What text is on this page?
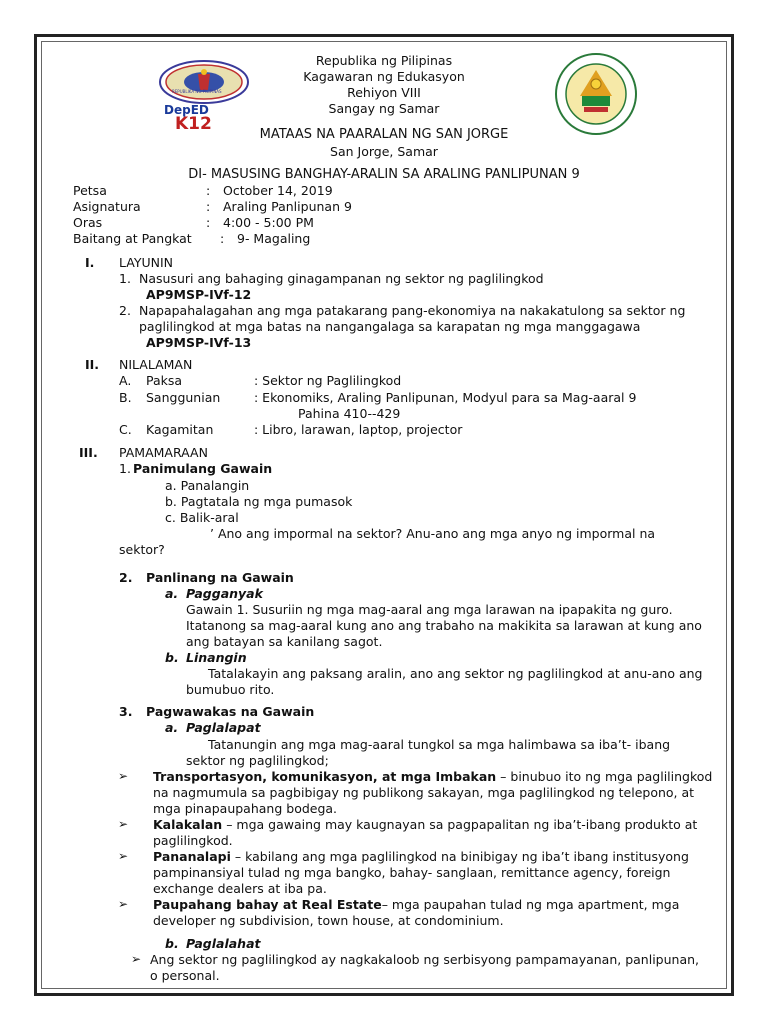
REPUBLIKA NG PILIPINAS
DepED
K12
Republika ng Pilipinas
Kagawaran ng Edukasyon
Rehiyon VIII
Sangay ng Samar
MATAAS NA PAARALAN NG SAN JORGE
San Jorge, Samar
DI- MASUSING BANGHAY-ARALIN SA ARALING PANLIPUNAN 9
Petsa	: October 14, 2019
Asignatura	: Araling Panlipunan 9
Oras	: 4:00 - 5:00 PM
Baitang at Pangkat : 9- Magaling
I. LAYUNIN
1. Nasusuri ang bahaging ginagampanan ng sektor ng paglilingkod
AP9MSP-IVf-12
2. Napapahalagahan ang mga patakarang pang-ekonomiya na nakakatulong sa sektor ng
paglilingkod at mga batas na nangangalaga sa karapatan ng mga manggagawa
AP9MSP-IVf-13
II. NILALAMAN
A. Paksa	: Sektor ng Paglilingkod
B. Sanggunian	: Ekonomiks, Araling Panlipunan, Modyul para sa Mag-aaral 9
Pahina 410--429
C. Kagamitan	: Libro, larawan, laptop, projector
III. PAMAMARAAN
1. Panimulang Gawain
a. Panalangin
b. Pagtatala ng mga pumasok
c. Balik-aral
’ Ano ang impormal na sektor? Anu-ano ang mga anyo ng impormal na
sektor?
2. Panlinang na Gawain
a. Pagganyak
Gawain 1. Susuriin ng mga mag-aaral ang mga larawan na ipapakita ng guro.
Itatanong sa mag-aaral kung ano ang trabaho na makikita sa larawan at kung ano
ang batayan sa kanilang sagot.
b. Linangin
Tatalakayin ang paksang aralin, ano ang sektor ng paglilingkod at anu-ano ang
bumubuo rito.
3. Pagwawakas na Gawain
a. Paglalapat
Tatanungin ang mga mag-aaral tungkol sa mga halimbawa sa iba’t- ibang
sektor ng paglilingkod;
➢ Transportasyon, komunikasyon, at mga Imbakan – binubuo ito ng mga paglilingkod
na nagmumula sa pagbibigay ng publikong sakayan, mga paglilingkod ng telepono, at
mga pinapaupahang bodega.
➢ Kalakalan – mga gawaing may kaugnayan sa pagpapalitan ng iba’t-ibang produkto at
paglilingkod.
➢ Pananalapi – kabilang ang mga paglilingkod na binibigay ng iba’t ibang institusyong
pampinansiyal tulad ng mga bangko, bahay- sanglaan, remittance agency, foreign
exchange dealers at iba pa.
➢ Paupahang bahay at Real Estate– mga paupahan tulad ng mga apartment, mga
developer ng subdivision, town house, at condominium.
b. Paglalahat
➢ Ang sektor ng paglilingkod ay nagkakaloob ng serbisyong pampamayanan, panlipunan,
o personal.
